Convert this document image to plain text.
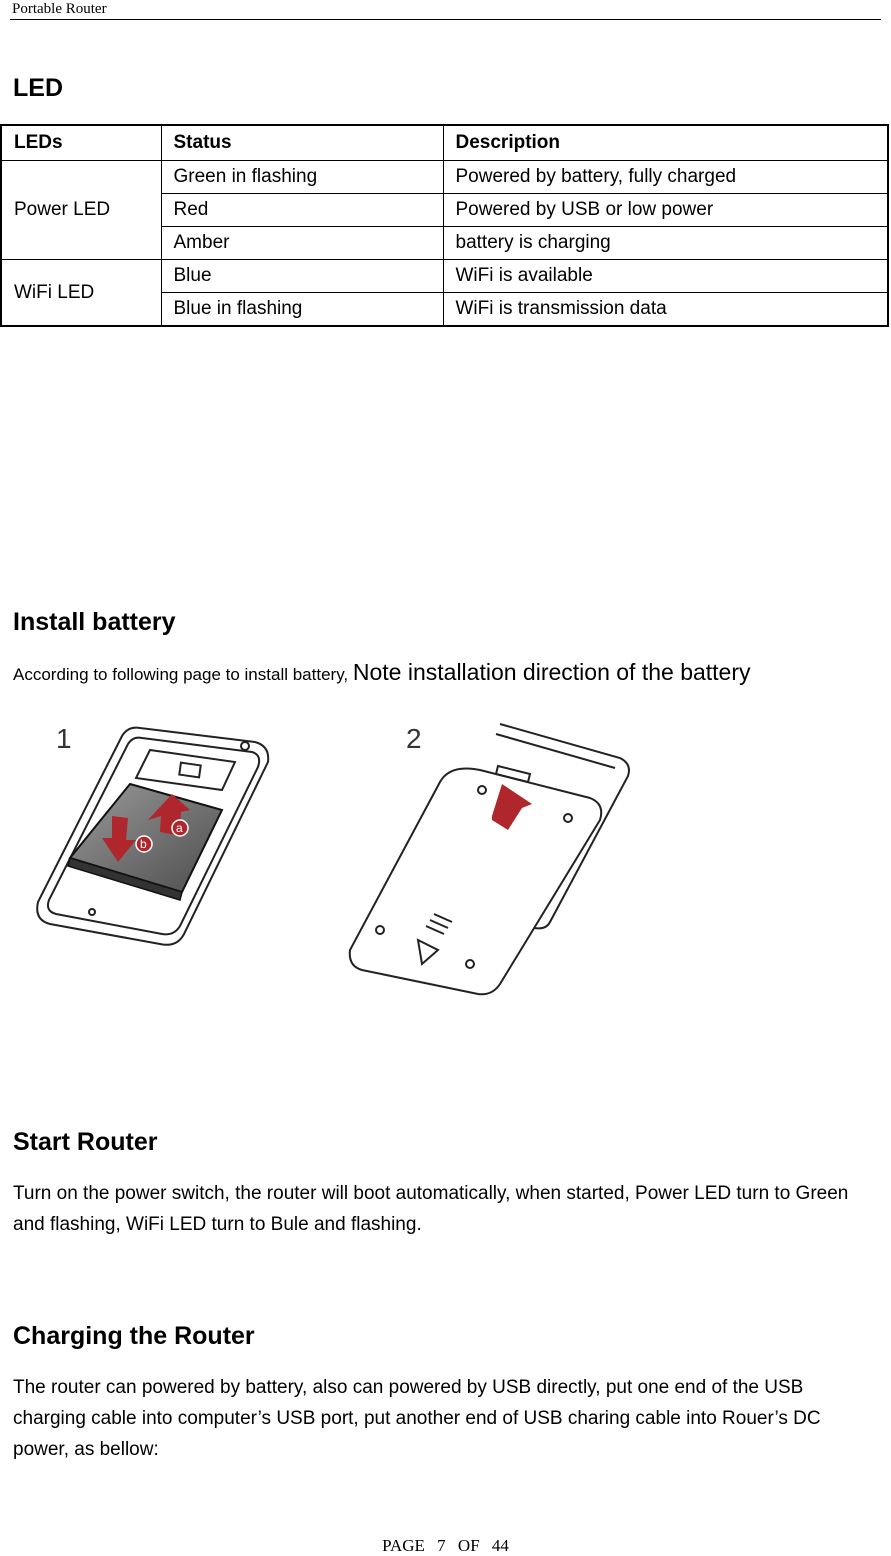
Portable Router
LED
LEDs	Status	Description
Power LED	Green in flashing	Powered by battery, fully charged
	Red	Powered by USB or low power
	Amber	battery is charging
WiFi LED	Blue	WiFi is available
	Blue in flashing	WiFi is transmission data
Install battery

According to following page to install battery, Note installation direction of the battery

1
a
b
2
Start Router

Turn on the power switch, the router will boot automatically, when started, Power LED turn to Green and flashing, WiFi LED turn to Bule and flashing.

Charging the Router

The router can powered by battery, also can powered by USB directly, put one end of the USB charging cable into computer’s USB port, put another end of USB charing cable into Rouer’s DC power, as bellow:

PAGE 7 OF 44
